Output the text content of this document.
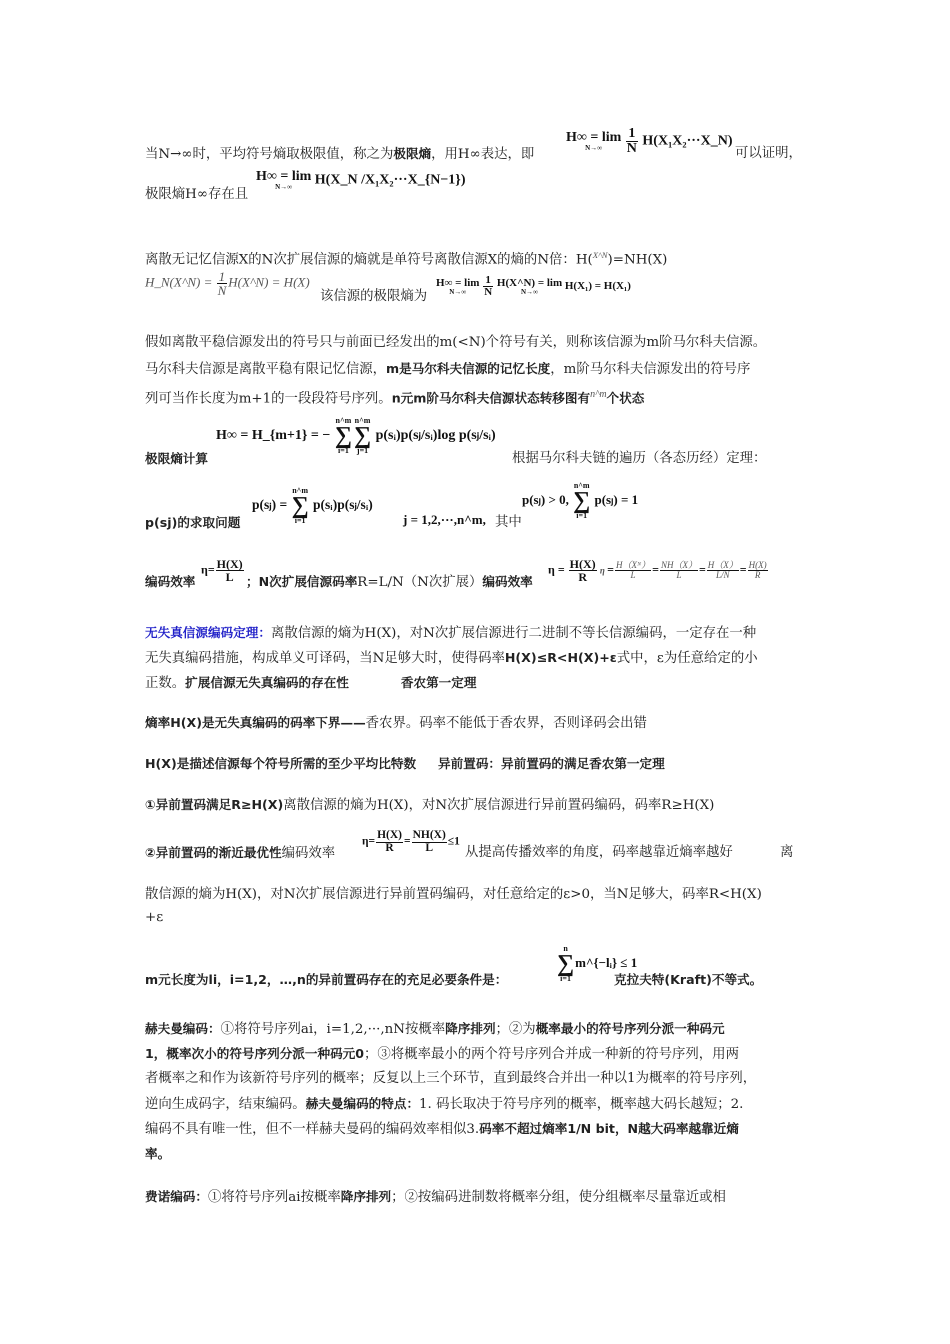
当N→∞时，平均符号熵取极限值，称之为极限熵，用H∞表达，即
H∞ = lim
N→∞
	$\frac{1}{N}$ H(X₁X₂···X_N)
可以证明，
极限熵H∞存在且
H∞ = lim
N→∞	H(X_N /X₁X₂···X_{N−1})
离散无记忆信源X的N次扩展信源的熵就是单符号离散信源X的熵的N倍：H($^{X\^{}N}$)=NH(X)
H_N(X^N) = $\frac{1}{N}$ H(X^N) = H(X)
该信源的极限熵为
H∞ = lim
N→∞
	$\frac{1}{N}$
H(X^N) = lim
N→∞	H(X₁) = H(X₁)
假如离散平稳信源发出的符号只与前面已经发出的m(<N)个符号有关，则称该信源为m阶马尔科夫信源。
马尔科夫信源是离散平稳有限记忆信源，m是马尔科夫信源的记忆长度，m阶马尔科夫信源发出的符号序
列可当作长度为m+1的一段段符号序列。n元m阶马尔科夫信源状态转移图有$^{n\^{}m}$个状态
极限熵计算
H∞ = H_{m+1} = −
n^m
∑
i=1
n^m
∑
j=1
p(sᵢ)p(sⱼ/sᵢ)log p(sⱼ/sᵢ)
根据马尔科夫链的遍历（各态历经）定理：
p(sj)的求取问题
p(sⱼ) =
n^m
∑
i=1
p(sᵢ)p(sⱼ/sᵢ)
j = 1,2,···,n^m, 其中
p(sⱼ) > 0,
n^m
∑
i=1
p(sⱼ) = 1
编码效率
$\eta= \frac{H(X)}{L}$ ；N次扩展信源码率R=L/N（N次扩展）编码效率
$\eta = \frac{H(X)}{R}$ $\eta = \frac{\text{H（Xᴺ）}}{L} = \frac{NH(X)}{L} = \frac{H(X)}{L/N} = \frac{H(X)}{R}$
无失真信源编码定理：离散信源的熵为H(X)，对N次扩展信源进行二进制不等长信源编码，一定存在一种
无失真编码措施，构成单义可译码，当N足够大时，使得码率H(X)≤R<H(X)+ε式中，ε为任意给定的小
正数。扩展信源无失真编码的存在性	香农第一定理
熵率H(X)是无失真编码的码率下界——香农界。码率不能低于香农界，否则译码会出错
H(X)是描述信源每个符号所需的至少平均比特数 异前置码：异前置码的满足香农第一定理
①异前置码满足R≥H(X)离散信源的熵为H(X)，对N次扩展信源进行异前置码编码，码率R≥H(X)
②异前置码的渐近最优性编码效率
$\eta= \frac{H(X)}{R} = \frac{NH(X)}{L} \le 1$
从提高传播效率的角度，码率越靠近熵率越好	离
散信源的熵为H(X)，对N次扩展信源进行异前置码编码，对任意给定的ε>0，当N足够大，码率R<H(X)
+ε
m元长度为li，i=1,2，…,n的异前置码存在的充足必要条件是：
n
∑
i=1
m^{−lᵢ} ≤ 1
克拉夫特(Kraft)不等式。
赫夫曼编码：①将符号序列ai，i=1,2,···,nN按概率降序排列；②为概率最小的符号序列分派一种码元
1，概率次小的符号序列分派一种码元0；③将概率最小的两个符号序列合并成一种新的符号序列，用两
者概率之和作为该新符号序列的概率；反复以上三个环节，直到最终合并出一种以1为概率的符号序列，
逆向生成码字，结束编码。赫夫曼编码的特点：1. 码长取决于符号序列的概率，概率越大码长越短；2.
编码不具有唯一性，但不一样赫夫曼码的编码效率相似3.码率不超过熵率1/N bit，N越大码率越靠近熵
率。
费诺编码：①将符号序列ai按概率降序排列；②按编码进制数将概率分组，使分组概率尽量靠近或相
